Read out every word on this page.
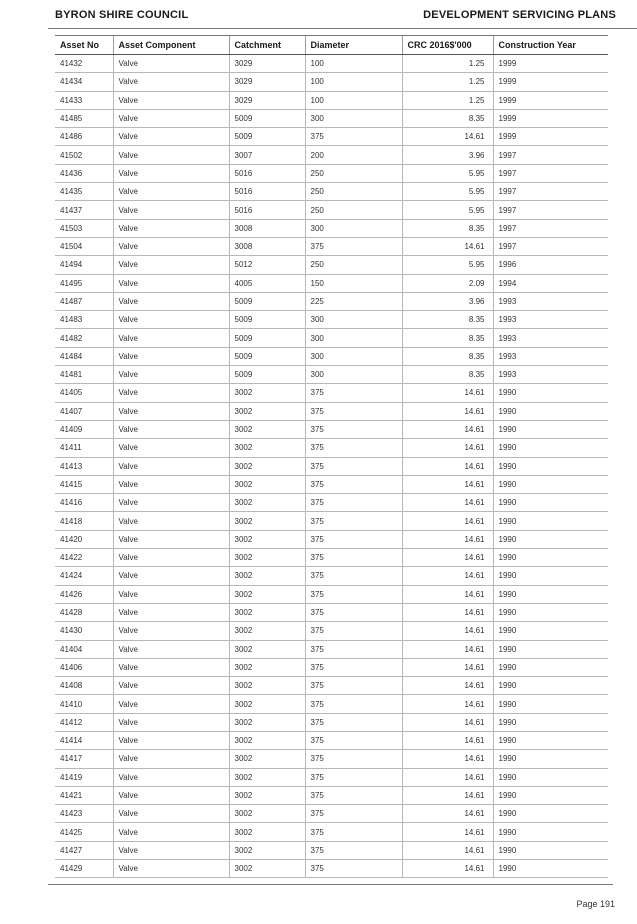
BYRON SHIRE COUNCIL	DEVELOPMENT SERVICING PLANS
Asset No	Asset Component	Catchment	Diameter	CRC 2016$'000	Construction Year
41432	Valve	3029	100	1.25	1999
41434	Valve	3029	100	1.25	1999
41433	Valve	3029	100	1.25	1999
41485	Valve	5009	300	8.35	1999
41486	Valve	5009	375	14.61	1999
41502	Valve	3007	200	3.96	1997
41436	Valve	5016	250	5.95	1997
41435	Valve	5016	250	5.95	1997
41437	Valve	5016	250	5.95	1997
41503	Valve	3008	300	8.35	1997
41504	Valve	3008	375	14.61	1997
41494	Valve	5012	250	5.95	1996
41495	Valve	4005	150	2.09	1994
41487	Valve	5009	225	3.96	1993
41483	Valve	5009	300	8.35	1993
41482	Valve	5009	300	8.35	1993
41484	Valve	5009	300	8.35	1993
41481	Valve	5009	300	8.35	1993
41405	Valve	3002	375	14.61	1990
41407	Valve	3002	375	14.61	1990
41409	Valve	3002	375	14.61	1990
41411	Valve	3002	375	14.61	1990
41413	Valve	3002	375	14.61	1990
41415	Valve	3002	375	14.61	1990
41416	Valve	3002	375	14.61	1990
41418	Valve	3002	375	14.61	1990
41420	Valve	3002	375	14.61	1990
41422	Valve	3002	375	14.61	1990
41424	Valve	3002	375	14.61	1990
41426	Valve	3002	375	14.61	1990
41428	Valve	3002	375	14.61	1990
41430	Valve	3002	375	14.61	1990
41404	Valve	3002	375	14.61	1990
41406	Valve	3002	375	14.61	1990
41408	Valve	3002	375	14.61	1990
41410	Valve	3002	375	14.61	1990
41412	Valve	3002	375	14.61	1990
41414	Valve	3002	375	14.61	1990
41417	Valve	3002	375	14.61	1990
41419	Valve	3002	375	14.61	1990
41421	Valve	3002	375	14.61	1990
41423	Valve	3002	375	14.61	1990
41425	Valve	3002	375	14.61	1990
41427	Valve	3002	375	14.61	1990
41429	Valve	3002	375	14.61	1990
Page 191
